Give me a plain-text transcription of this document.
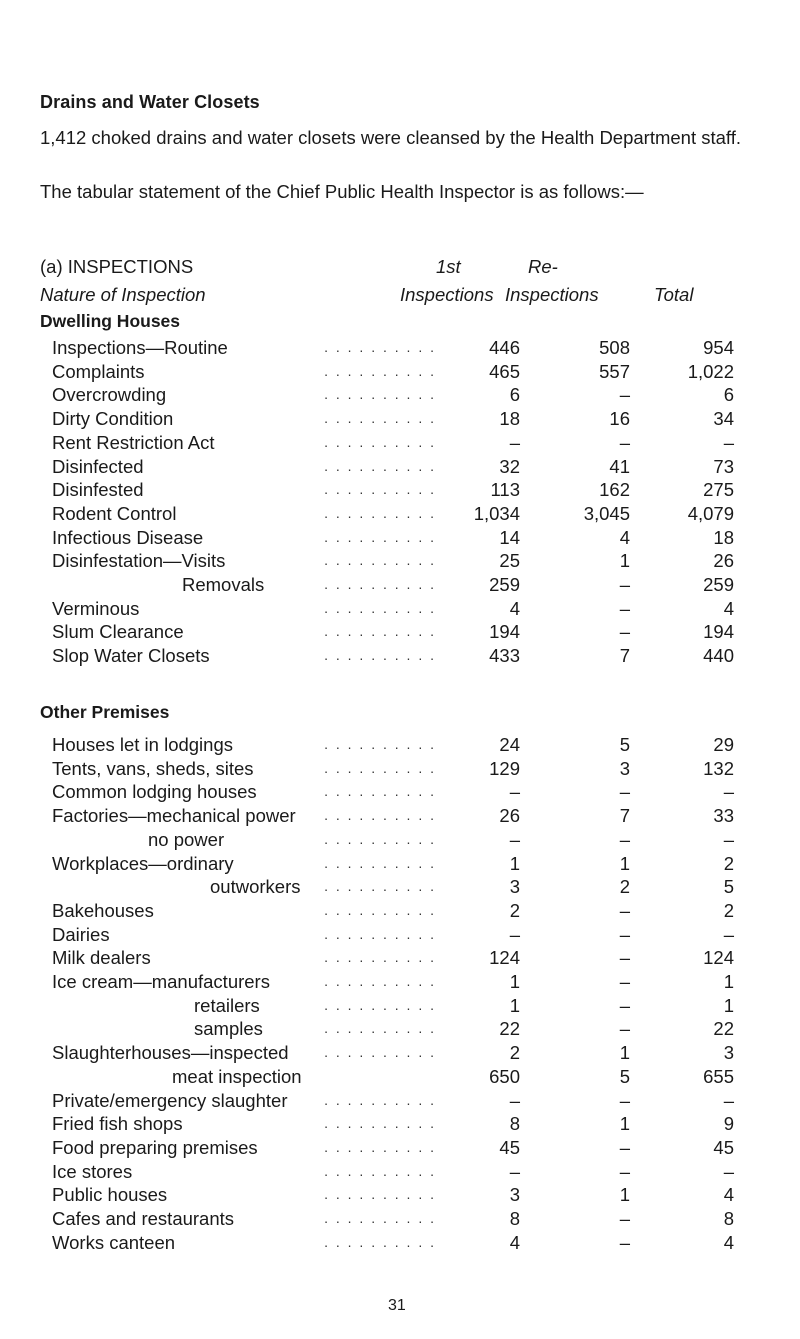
Drains and Water Closets
1,412 choked drains and water closets were cleansed by the Health Department staff.
The tabular statement of the Chief Public Health Inspector is as follows:—
(a) INSPECTIONS	1st	Re-
Nature of Inspection	Inspections Inspections	Total
Dwelling Houses
Inspections—Routine . . . . . . . . . .	446	508	954
Complaints . . . . . . . . . .	465	557	1,022
Overcrowding . . . . . . . . . .	6	–	6
Dirty Condition . . . . . . . . . .	18	16	34
Rent Restriction Act . . . . . . . . . .	–	–	–
Disinfected . . . . . . . . . .	32	41	73
Disinfested . . . . . . . . . .	113	162	275
Rodent Control . . . . . . . . . .	1,034	3,045	4,079
Infectious Disease . . . . . . . . . .	14	4	18
Disinfestation—Visits . . . . . . . . . .	25	1	26
Removals . . . . . . . . . .	259	–	259
Verminous . . . . . . . . . .	4	–	4
Slum Clearance . . . . . . . . . .	194	–	194
Slop Water Closets . . . . . . . . . .	433	7	440
Other Premises
Houses let in lodgings . . . . . . . . . .	24	5	29
Tents, vans, sheds, sites . . . . . . . . . .	129	3	132
Common lodging houses . . . . . . . . . .	–	–	–
Factories—mechanical power . . . . . . . . . .	26	7	33
no power . . . . . . . . . .	–	–	–
Workplaces—ordinary . . . . . . . . . .	1	1	2
outworkers . . . . . . . . . .	3	2	5
Bakehouses . . . . . . . . . .	2	–	2
Dairies . . . . . . . . . .	–	–	–
Milk dealers . . . . . . . . . .	124	–	124
Ice cream—manufacturers . . . . . . . . . .	1	–	1
retailers . . . . . . . . . .	1	–	1
samples . . . . . . . . . .	22	–	22
Slaughterhouses—inspected . . . . . . . . . .	2	1	3
meat inspection	650	5	655
Private/emergency slaughter . . . . . . . . . .	–	–	–
Fried fish shops . . . . . . . . . .	8	1	9
Food preparing premises . . . . . . . . . .	45	–	45
Ice stores . . . . . . . . . .	–	–	–
Public houses . . . . . . . . . .	3	1	4
Cafes and restaurants . . . . . . . . . .	8	–	8
Works canteen . . . . . . . . . .	4	–	4
31
